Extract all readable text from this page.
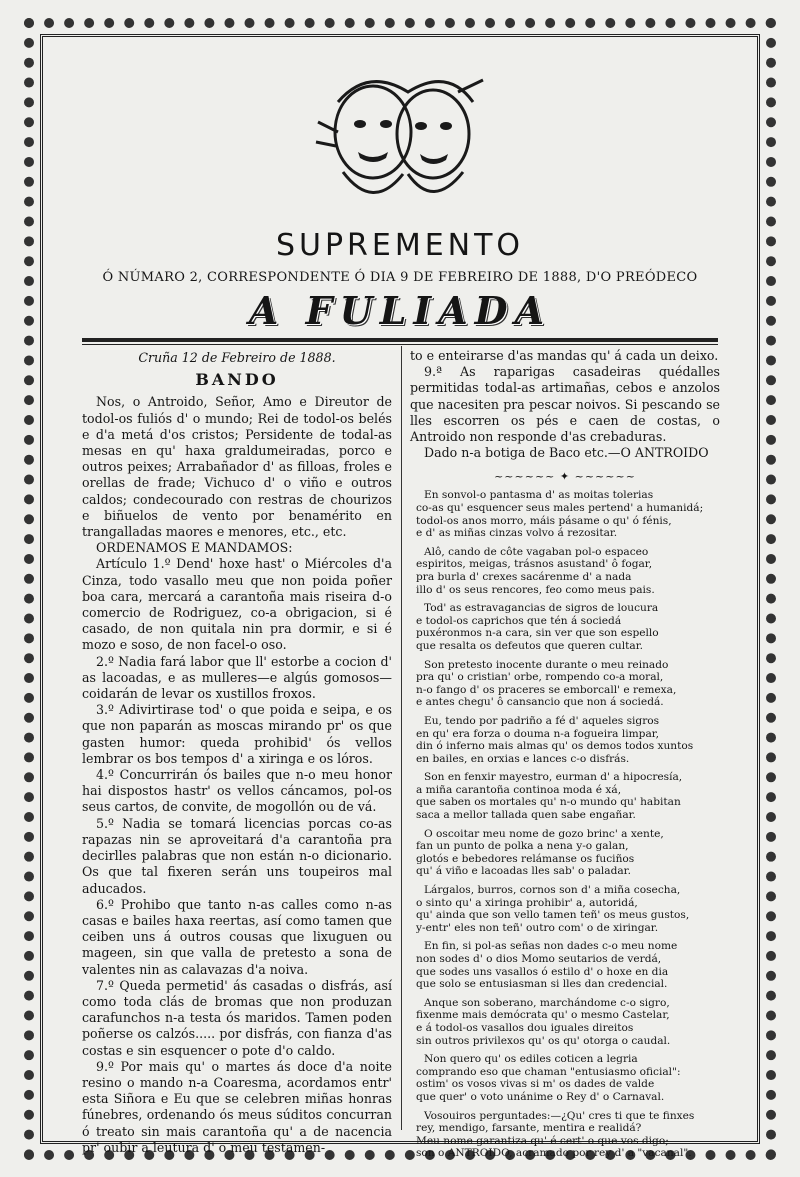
SUPREMENTO
Ó NÚMARO 2, CORRESPONDENTE Ó DIA 9 DE FEBREIRO DE 1888, D'O PREÓDECO
A FULIADA

Cruña 12 de Febreiro de 1888.

BANDO

Nos, o Antroido, Señor, Amo e Direutor de todol-os fuliós d' o mundo; Rei de todol-os belés e d'a metá d'os cristos; Persidente de todal-as mesas en qu' haxa graldumeiradas, porco e outros peixes; Arrabañador d' as filloas, froles e orellas de frade; Vichuco d' o viño e outros caldos; condecourado con restras de chourizos e biñuelos de vento por benamérito en trangalladas maores e menores, etc., etc.

ORDENAMOS E MANDAMOS:

Artículo 1.º Dend' hoxe hast' o Miércoles d'a Cinza, todo vasallo meu que non poida poñer boa cara, mercará a carantoña mais riseira d-o comercio de Rodriguez, co-a obrigacion, si é casado, de non quitala nin pra dormir, e si é mozo e soso, de non facel-o oso.

2.º Nadia fará labor que ll' estorbe a cocion d' as lacoadas, e as mulleres—e algús gomosos—coidarán de levar os xustillos froxos.

3.º Adivirtirase tod' o que poida e seipa, e os que non paparán as moscas mirando pr' os que gasten humor: queda prohibid' ós vellos lembrar os bos tempos d' a xiringa e os lóros.

4.º Concurrirán ós bailes que n-o meu honor hai dispostos hastr' os vellos cáncamos, pol-os seus cartos, de convite, de mogollón ou de vá.

5.º Nadia se tomará licencias porcas co-as rapazas nin se aproveitará d'a carantoña pra decirlles palabras que non están n-o dicionario. Os que tal fixeren serán uns toupeiros mal aducados.

6.º Prohibo que tanto n-as calles como n-as casas e bailes haxa reertas, así como tamen que ceiben uns á outros cousas que lixuguen ou mageen, sin que valla de pretesto a sona de valentes nin as calavazas d'a noiva.

7.º Queda permetid' ás casadas o disfrás, así como toda clás de bromas que non produzan carafunchos n-a testa ós maridos. Tamen poden poñerse os calzós..... por disfrás, con fianza d'as costas e sin esquencer o pote d'o caldo.

9.º Por mais qu' o martes ás doce d'a noite resino o mando n-a Coaresma, acordamos entr' esta Siñora e Eu que se celebren miñas honras fúnebres, ordenando ós meus súditos concurran ó treato sin mais carantoña qu' a de nacencia pr' oubir a leutura d' o meu testamen-

to e enteirarse d'as mandas qu' á cada un deixo.

9.ª As raparigas casadeiras quédalles permitidas todal-as artimañas, cebos e anzolos que nacesiten pra pescar noivos. Si pescando se lles escorren os pés e caen de costas, o Antroido non responde d'as crebaduras.

Dado n-a botiga de Baco etc.—O ANTROIDO

~~~~~~ ✦ ~~~~~~
En sonvol-o pantasma d' as moitas tolerias
co-as qu' esquencer seus males pertend' a humanidá;
todol-os anos morro, máis pásame o qu' ó fénis,
e d' as miñas cinzas volvo á rezositar.
Alô, cando de côte vagaban pol-o espaceo
espiritos, meigas, trásnos asustand' ô fogar,
pra burla d' crexes sacárenme d' a nada
illo d' os seus rencores, feo como meus pais.
Tod' as estravagancias de sigros de loucura
e todol-os caprichos que tén á sociedá
puxéronmos n-a cara, sin ver que son espello
que resalta os defeutos que queren cultar.
Son pretesto inocente durante o meu reinado
pra qu' o cristian' orbe, rompendo co-a moral,
n-o fango d' os praceres se emborcall' e remexa,
e antes chegu' ô cansancio que non á sociedá.
Eu, tendo por padriño a fé d' aqueles sigros
en qu' era forza o douma n-a fogueira limpar,
din ó inferno mais almas qu' os demos todos xuntos
en bailes, en orxias e lances c-o disfrás.
Son en fenxir mayestro, eurman d' a hipocresía,
a miña carantoña continoa moda é xá,
que saben os mortales qu' n-o mundo qu' habitan
saca a mellor tallada quen sabe engañar.
O oscoitar meu nome de gozo brinc' a xente,
fan un punto de polka a nena y-o galan,
glotós e bebedores relámanse os fuciños
qu' á viño e lacoadas lles sab' o paladar.
Lárgalos, burros, cornos son d' a miña cosecha,
o sinto qu' a xiringa prohibir' a, autoridá,
qu' ainda que son vello tamen teñ' os meus gustos,
y-entr' eles non teñ' outro com' o de xiringar.
En fin, si pol-as señas non dades c-o meu nome
non sodes d' o dios Momo seutarios de verdá,
que sodes uns vasallos ó estilo d' o hoxe en dia
que solo se entusiasman si lles dan credencial.
Anque son soberano, marchándome c-o sigro,
fixenme mais demócrata qu' o mesmo Castelar,
e á todol-os vasallos dou iguales direitos
sin outros privilexos qu' os qu' otorga o caudal.
Non quero qu' os ediles coticen a legria
comprando eso que chaman "entusiasmo oficial":
ostim' os vosos vivas si m' os dades de valde
que quer' o voto unánime o Rey d' o Carnaval.
Vosouiros perguntades:—¿Qu' cres ti que te finxes
rey, mendigo, farsante, mentira e realidá?
Meu nome garantiza qu' é cert' o que vos digo;
son o ANTROIDO, acramado por rey d' a "vacanal".
